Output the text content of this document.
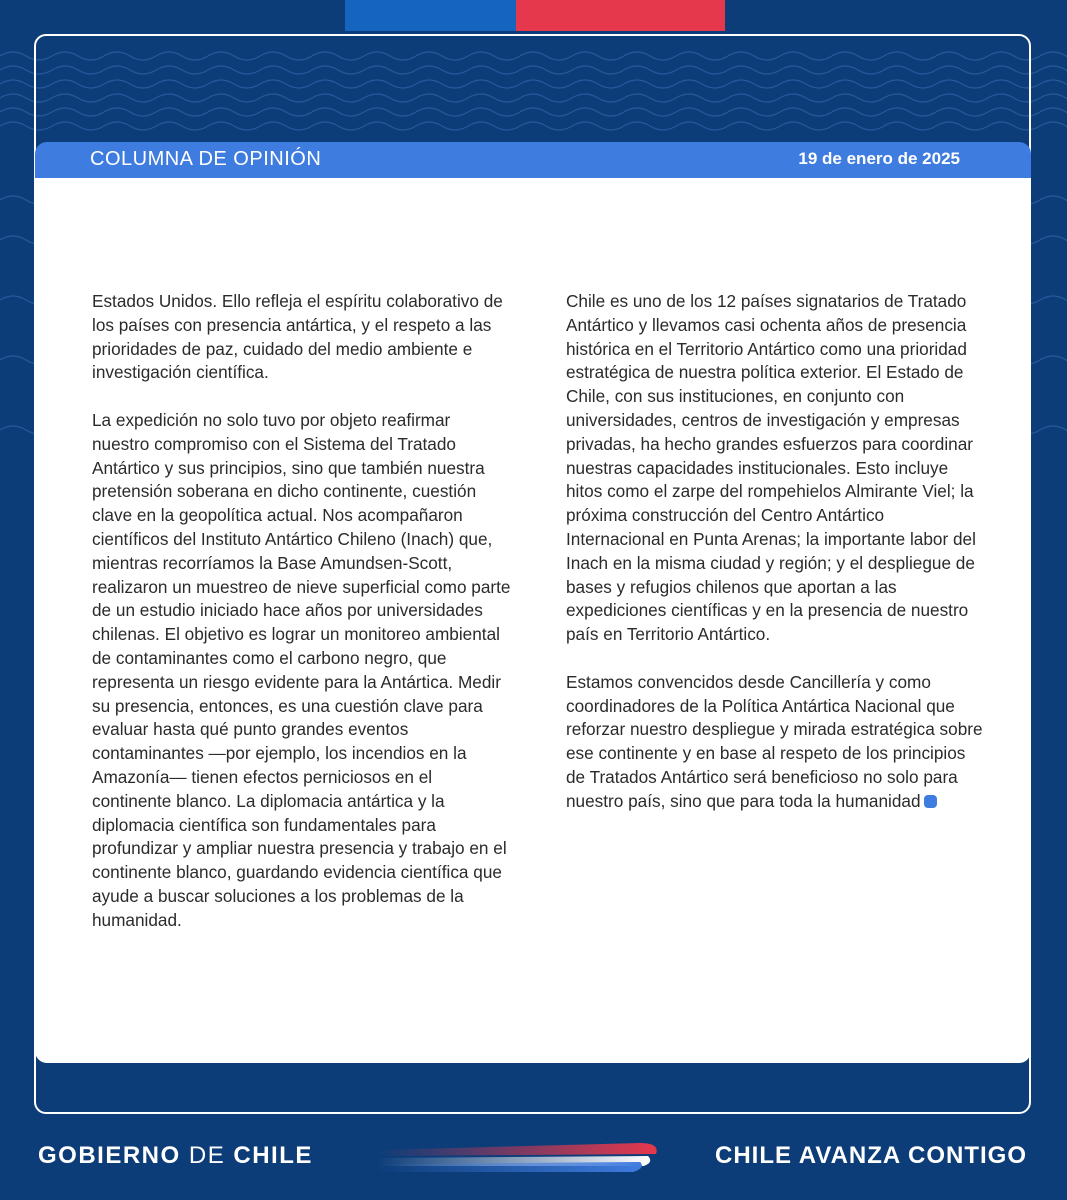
COLUMNA DE OPINIÓN	19 de enero de 2025

Estados Unidos. Ello refleja el espíritu colaborativo de los países con presencia antártica, y el respeto a las prioridades de paz, cuidado del medio ambiente e investigación científica.

La expedición no solo tuvo por objeto reafirmar nuestro compromiso con el Sistema del Tratado Antártico y sus principios, sino que también nuestra pretensión soberana en dicho continente, cuestión clave en la geopolítica actual. Nos acompañaron científicos del Instituto Antártico Chileno (Inach) que, mientras recorríamos la Base Amundsen-Scott, realizaron un muestreo de nieve superficial como parte de un estudio iniciado hace años por universidades chilenas. El objetivo es lograr un monitoreo ambiental de contaminantes como el carbono negro, que representa un riesgo evidente para la Antártica. Medir su presencia, entonces, es una cuestión clave para evaluar hasta qué punto grandes eventos contaminantes —por ejemplo, los incendios en la Amazonía— tienen efectos perniciosos en el continente blanco. La diplomacia antártica y la diplomacia científica son fundamentales para profundizar y ampliar nuestra presencia y trabajo en el continente blanco, guardando evidencia científica que ayude a buscar soluciones a los problemas de la humanidad.

Chile es uno de los 12 países signatarios de Tratado Antártico y llevamos casi ochenta años de presencia histórica en el Territorio Antártico como una prioridad estratégica de nuestra política exterior. El Estado de Chile, con sus instituciones, en conjunto con universidades, centros de investigación y empresas privadas, ha hecho grandes esfuerzos para coordinar nuestras capacidades institucionales. Esto incluye hitos como el zarpe del rompehielos Almirante Viel; la próxima construcción del Centro Antártico Internacional en Punta Arenas; la importante labor del Inach en la misma ciudad y región; y el despliegue de bases y refugios chilenos que aportan a las expediciones científicas y en la presencia de nuestro país en Territorio Antártico.

Estamos convencidos desde Cancillería y como coordinadores de la Política Antártica Nacional que reforzar nuestro despliegue y mirada estratégica sobre ese continente y en base al respeto de los principios de Tratados Antártico será beneficioso no solo para nuestro país, sino que para toda la humanidad

GOBIERNO DE CHILE	CHILE AVANZA CONTIGO
